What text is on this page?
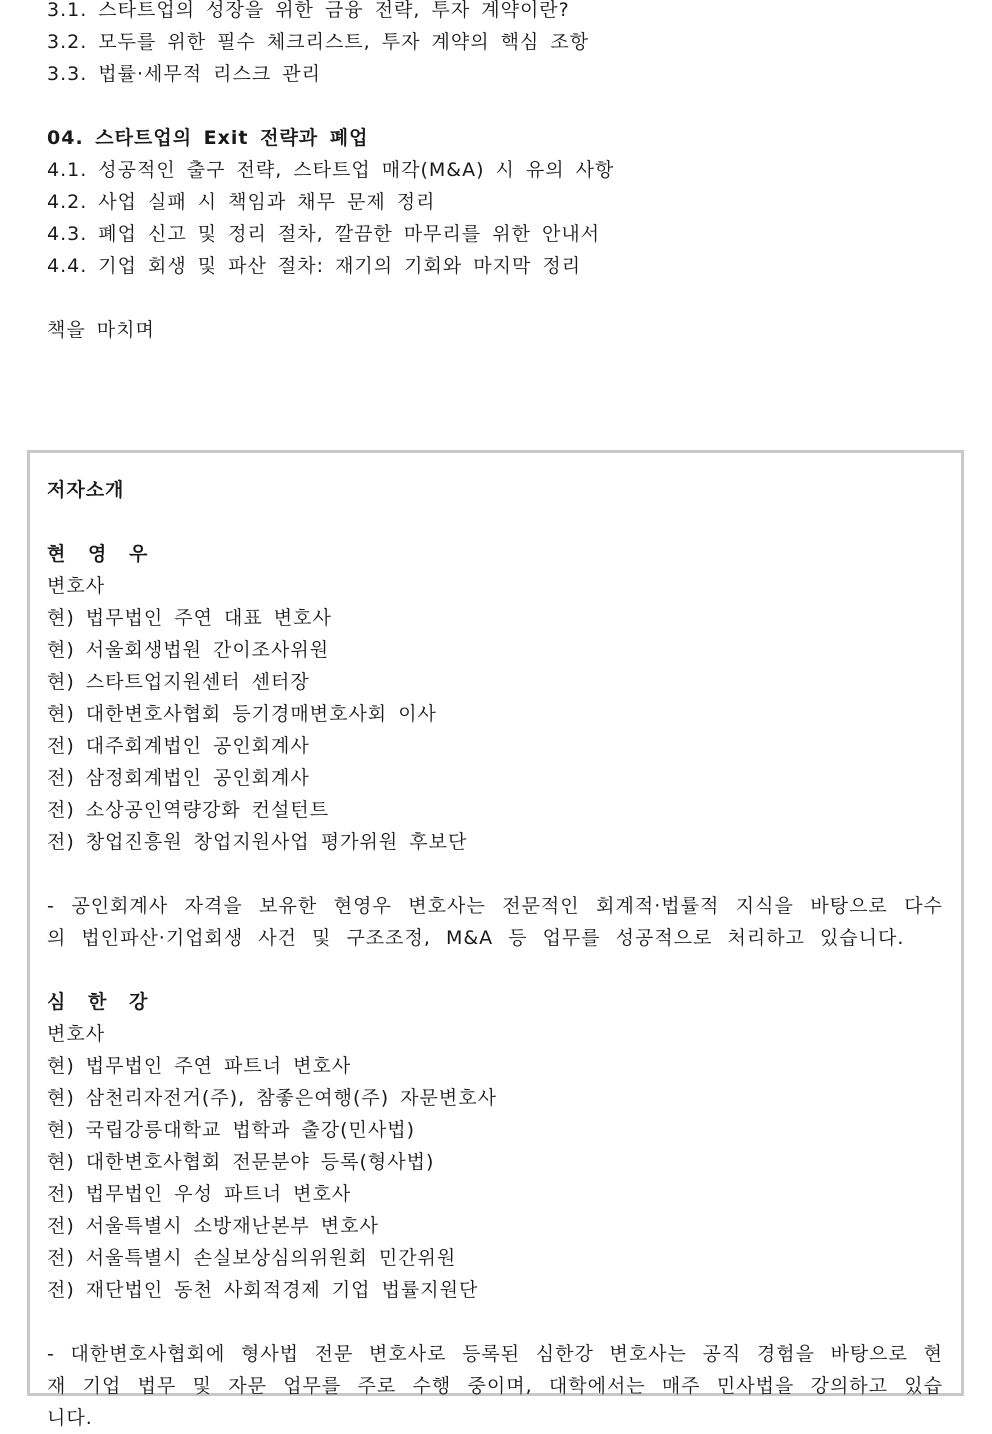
3.1. 스타트업의 성장을 위한 금융 전략, 투자 계약이란?
3.2. 모두를 위한 필수 체크리스트, 투자 계약의 핵심 조항
3.3. 법률·세무적 리스크 관리
04. 스타트업의 Exit 전략과 폐업
4.1. 성공적인 출구 전략, 스타트업 매각(M&A) 시 유의 사항
4.2. 사업 실패 시 책임과 채무 문제 정리
4.3. 폐업 신고 및 정리 절차, 깔끔한 마무리를 위한 안내서
4.4. 기업 회생 및 파산 절차: 재기의 기회와 마지막 정리
책을 마치며
저자소개
현 영 우
변호사
현) 법무법인 주연 대표 변호사
현) 서울회생법원 간이조사위원
현) 스타트업지원센터 센터장
현) 대한변호사협회 등기경매변호사회 이사
전) 대주회계법인 공인회계사
전) 삼정회계법인 공인회계사
전) 소상공인역량강화 컨설턴트
전) 창업진흥원 창업지원사업 평가위원 후보단
- 공인회계사 자격을 보유한 현영우 변호사는 전문적인 회계적·법률적 지식을 바탕으로 다수의 법인파산·기업회생 사건 및 구조조정, M&A 등 업무를 성공적으로 처리하고 있습니다.
심 한 강
변호사
현) 법무법인 주연 파트너 변호사
현) 삼천리자전거(주), 참좋은여행(주) 자문변호사
현) 국립강릉대학교 법학과 출강(민사법)
현) 대한변호사협회 전문분야 등록(형사법)
전) 법무법인 우성 파트너 변호사
전) 서울특별시 소방재난본부 변호사
전) 서울특별시 손실보상심의위원회 민간위원
전) 재단법인 동천 사회적경제 기업 법률지원단
- 대한변호사협회에 형사법 전문 변호사로 등록된 심한강 변호사는 공직 경험을 바탕으로 현재 기업 법무 및 자문 업무를 주로 수행 중이며, 대학에서는 매주 민사법을 강의하고 있습니다.
